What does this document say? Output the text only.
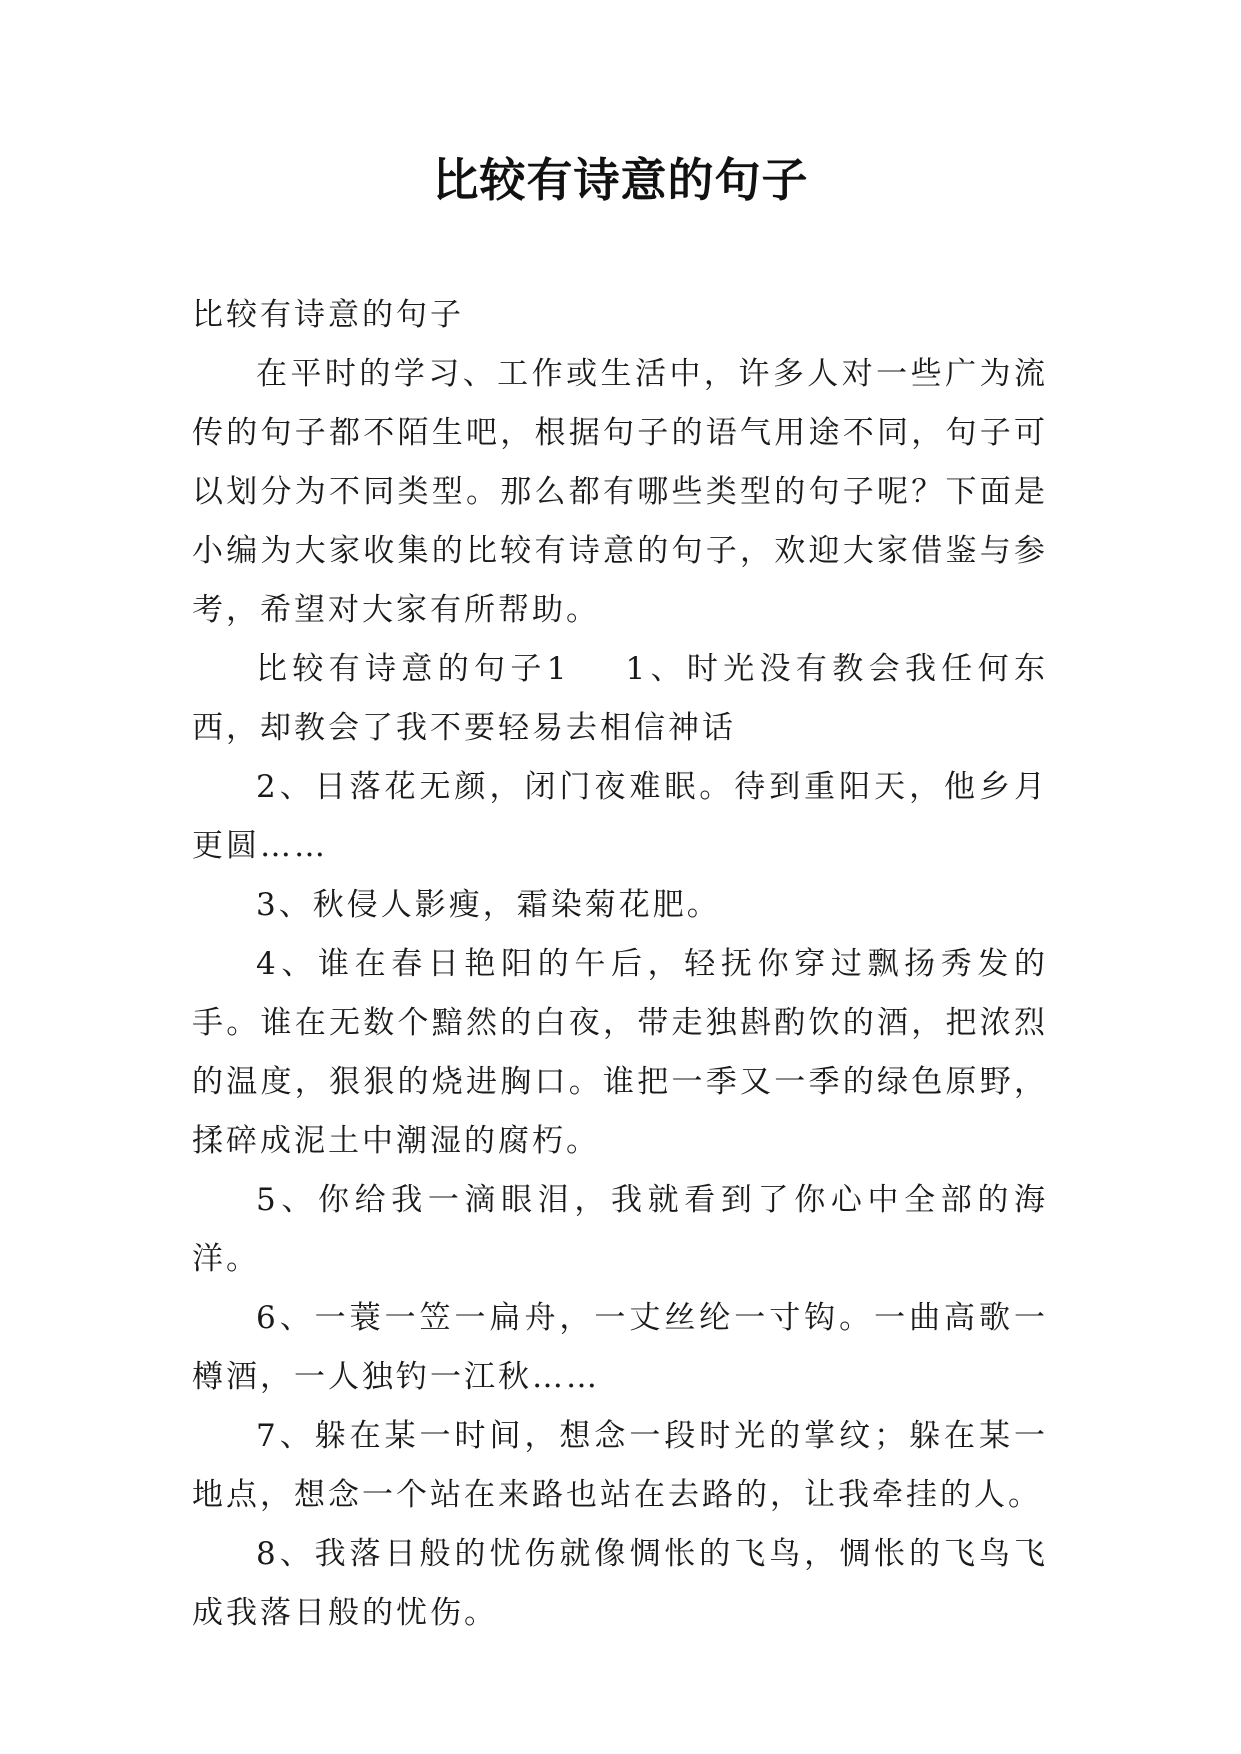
比较有诗意的句子

比较有诗意的句子

在平时的学习、工作或生活中，许多人对一些广为流传的句子都不陌生吧，根据句子的语气用途不同，句子可以划分为不同类型。那么都有哪些类型的句子呢？下面是小编为大家收集的比较有诗意的句子，欢迎大家借鉴与参考，希望对大家有所帮助。

比较有诗意的句子1 1、时光没有教会我任何东西，却教会了我不要轻易去相信神话

2、日落花无颜，闭门夜难眠。待到重阳天，他乡月更圆……

3、秋侵人影瘦，霜染菊花肥。

4、谁在春日艳阳的午后，轻抚你穿过飘扬秀发的手。谁在无数个黯然的白夜，带走独斟酌饮的酒，把浓烈的温度，狠狠的烧进胸口。谁把一季又一季的绿色原野，揉碎成泥土中潮湿的腐朽。

5、你给我一滴眼泪，我就看到了你心中全部的海洋。

6、一蓑一笠一扁舟，一丈丝纶一寸钩。一曲高歌一樽酒，一人独钓一江秋……

7、躲在某一时间，想念一段时光的掌纹；躲在某一地点，想念一个站在来路也站在去路的，让我牵挂的人。

8、我落日般的忧伤就像惆怅的飞鸟，惆怅的飞鸟飞成我落日般的忧伤。
